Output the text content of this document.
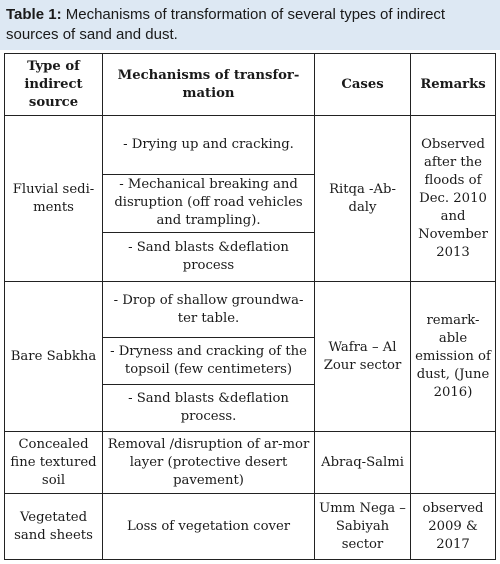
Table 1: Mechanisms of transformation of several types of indirect sources of sand and dust.
Type of indirect source	Mechanisms of transfor-mation	Cases	Remarks
Fluvial sedi-ments	- Drying up and cracking.
- Mechanical breaking and disruption (off road vehicles and trampling).
- Sand blasts &deflation process	Ritqa -Ab-daly	Observed after the floods of Dec. 2010 and November 2013
Bare Sabkha	- Drop of shallow groundwa-ter table.
- Dryness and cracking of the topsoil (few centimeters)
- Sand blasts &deflation process.	Wafra – Al Zour sector	remark-able emission of dust, (June 2016)
Concealed fine textured soil	Removal /disruption of ar-mor layer (protective desert pavement)	Abraq-Salmi	
Vegetated sand sheets	Loss of vegetation cover	Umm Nega –Sabiyah sector	observed 2009 & 2017
